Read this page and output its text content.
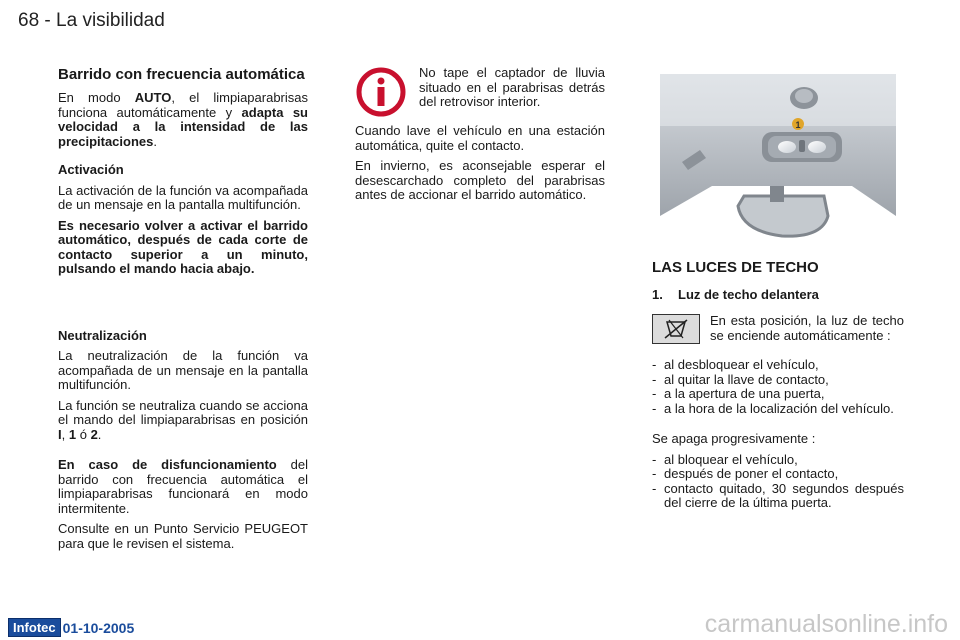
68 - La visibilidad
Barrido con frecuencia automática

En modo AUTO, el limpiaparabrisas funciona automáticamente y adapta su velocidad a la intensidad de las precipitaciones.

Activación

La activación de la función va acompañada de un mensaje en la pantalla multifunción.

Es necesario volver a activar el barrido automático, después de cada corte de contacto superior a un minuto, pulsando el mando hacia abajo.

Neutralización

La neutralización de la función va acompañada de un mensaje en la pantalla multifunción.

La función se neutraliza cuando se acciona el mando del limpiaparabrisas en posición I, 1 ó 2.

En caso de disfuncionamiento del barrido con frecuencia automática el limpiaparabrisas funcionará en modo intermitente.

Consulte en un Punto Servicio PEUGEOT para que le revisen el sistema.

No tape el captador de lluvia situado en el parabrisas detrás del retrovisor interior.

Cuando lave el vehículo en una estación automática, quite el contacto.

En invierno, es aconsejable esperar el desescarchado completo del parabrisas antes de accionar el barrido automático.

1
LAS LUCES DE TECHO
1. Luz de techo delantera
En esta posición, la luz de techo se enciende automáticamente :
- al desbloquear el vehículo,
- al quitar la llave de contacto,
- a la apertura de una puerta,
- a la hora de la localización del vehículo.

Se apaga progresivamente :

- al bloquear el vehículo,
- después de poner el contacto,
- contacto quitado, 30 segundos después del cierre de la última puerta.
Infotec 01-10-2005	carmanualsonline.info
